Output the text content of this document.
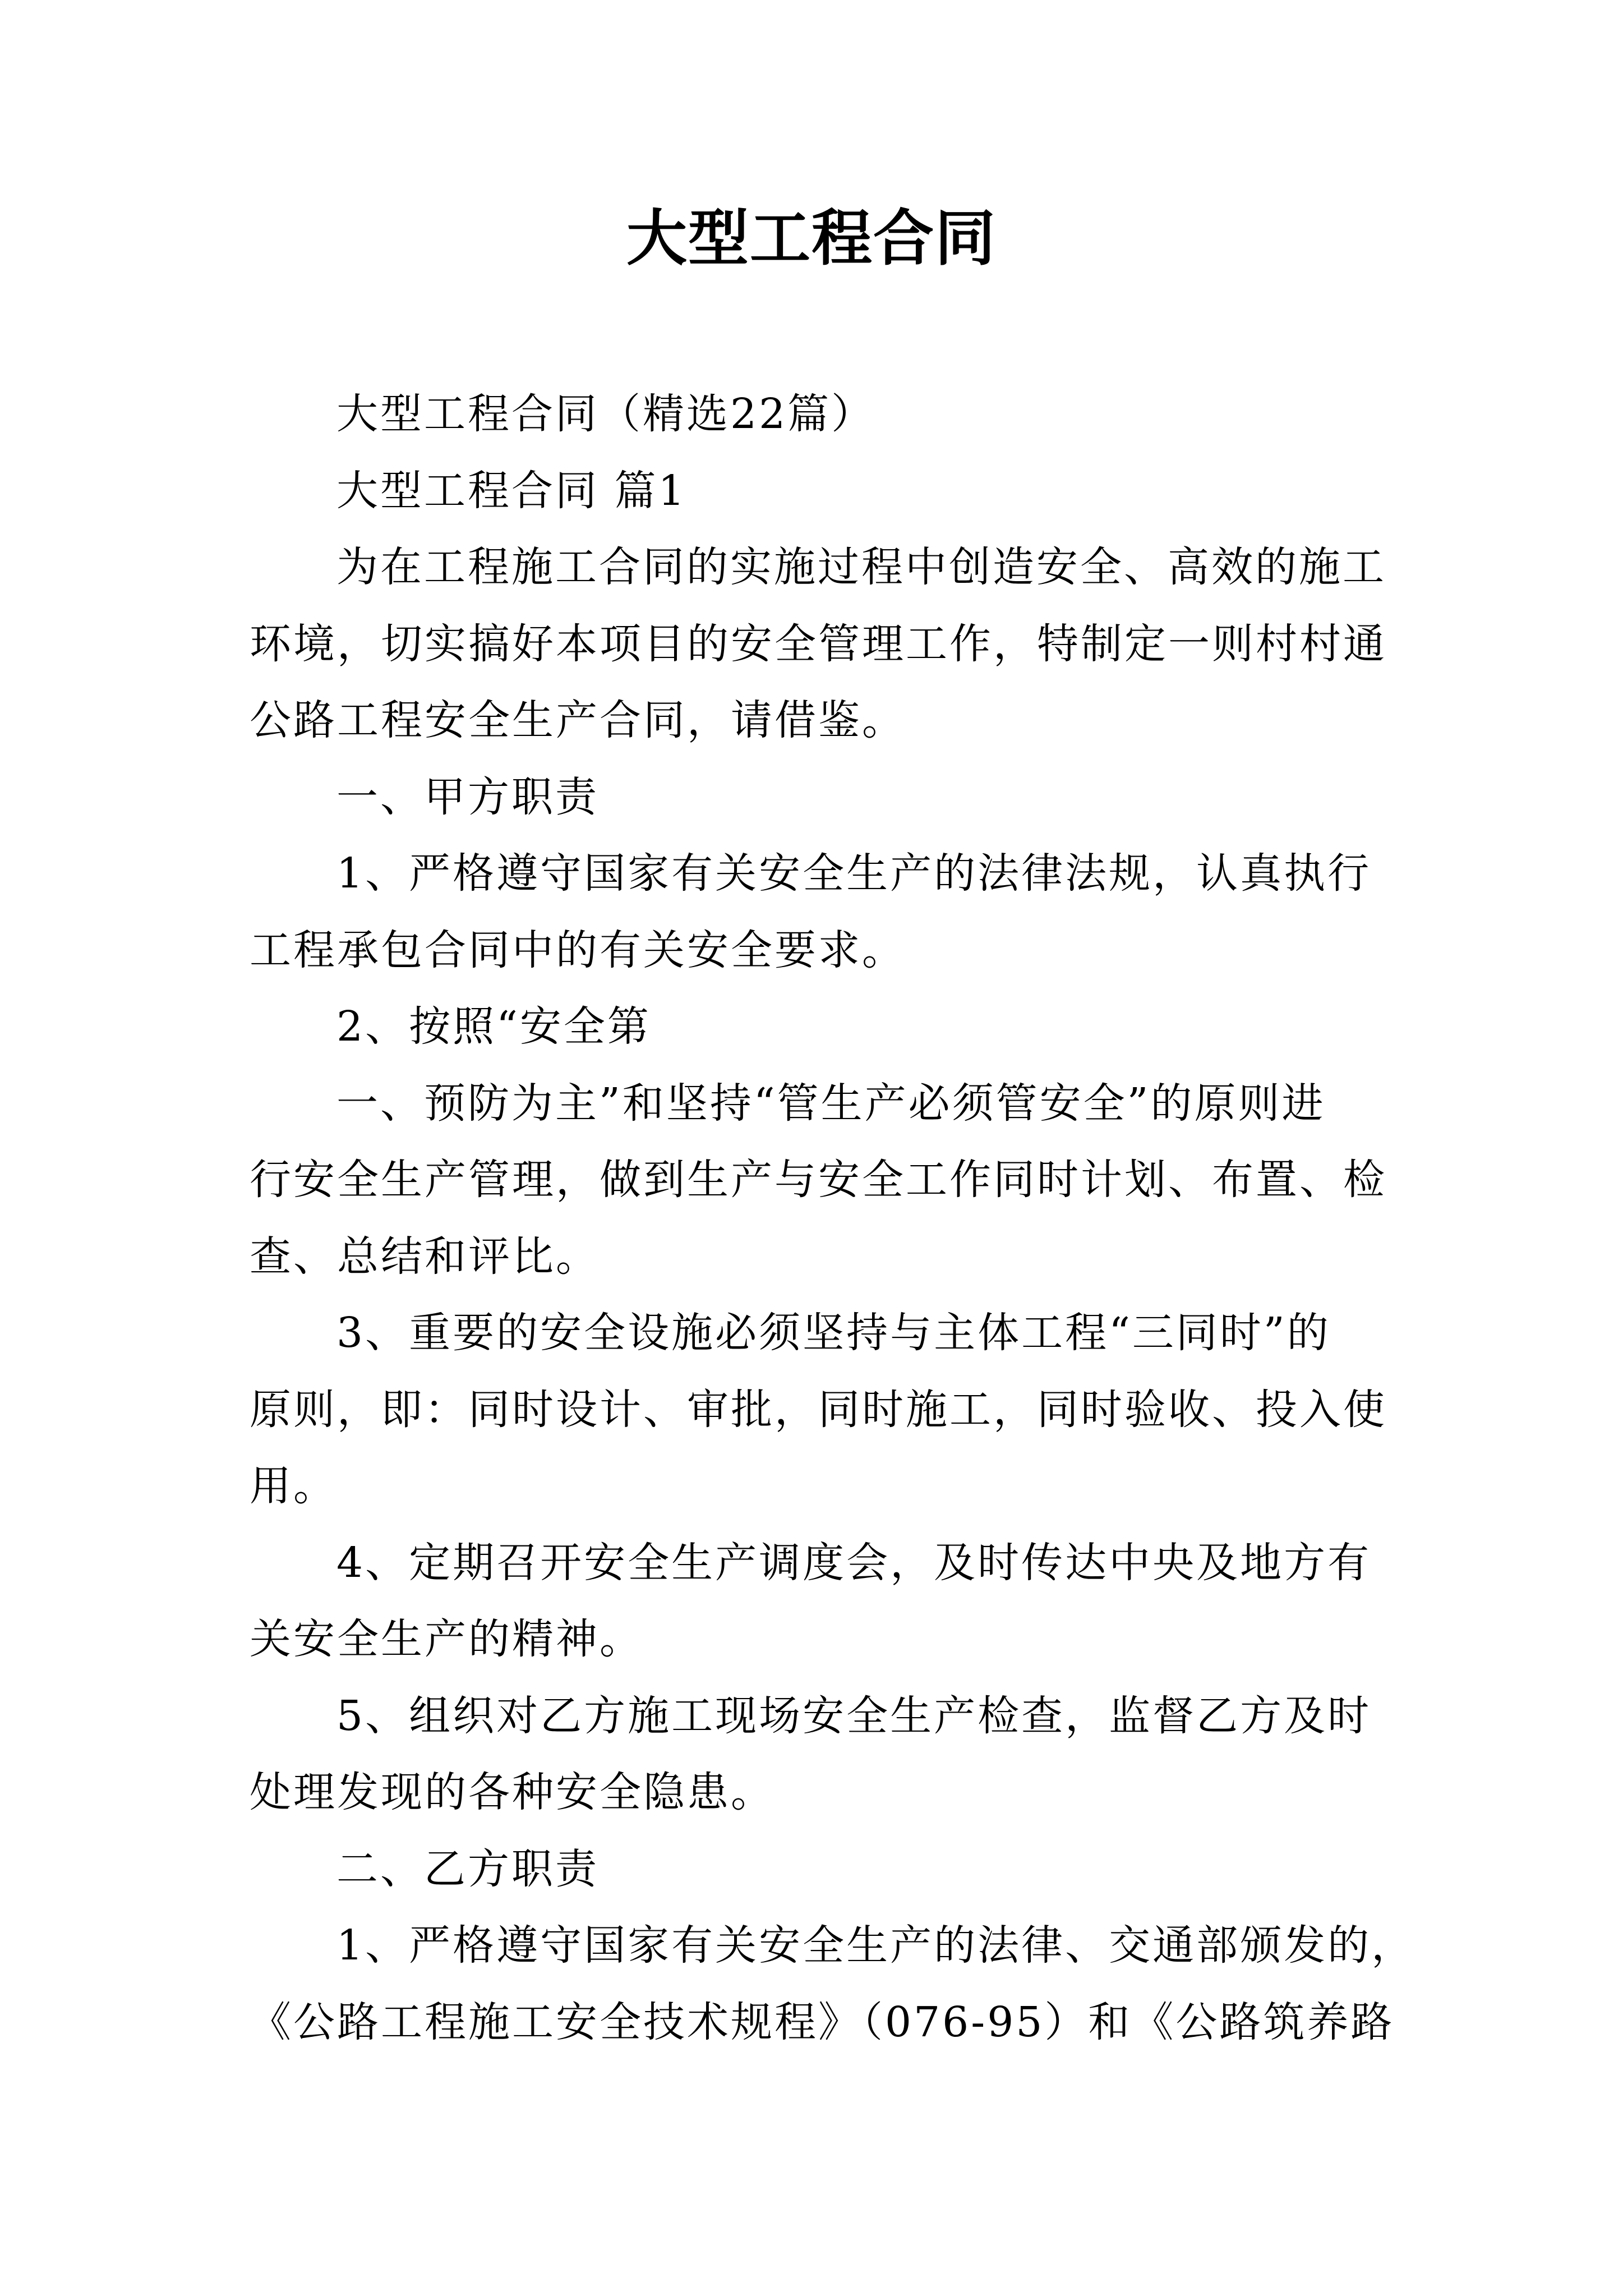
大型工程合同
大型工程合同（精选22篇）
大型工程合同 篇1
为在工程施工合同的实施过程中创造安全、高效的施工
环境，切实搞好本项目的安全管理工作，特制定一则村村通
公路工程安全生产合同，请借鉴。
一、甲方职责
1、严格遵守国家有关安全生产的法律法规，认真执行
工程承包合同中的有关安全要求。
2、按照“安全第
一、预防为主”和坚持“管生产必须管安全”的原则进
行安全生产管理，做到生产与安全工作同时计划、布置、检
查、总结和评比。
3、重要的安全设施必须坚持与主体工程“三同时”的
原则，即：同时设计、审批，同时施工，同时验收、投入使
用。
4、定期召开安全生产调度会，及时传达中央及地方有
关安全生产的精神。
5、组织对乙方施工现场安全生产检查，监督乙方及时
处理发现的各种安全隐患。
二、乙方职责
1、严格遵守国家有关安全生产的法律、交通部颁发的，
《公路工程施工安全技术规程》（076-95）和《公路筑养路
